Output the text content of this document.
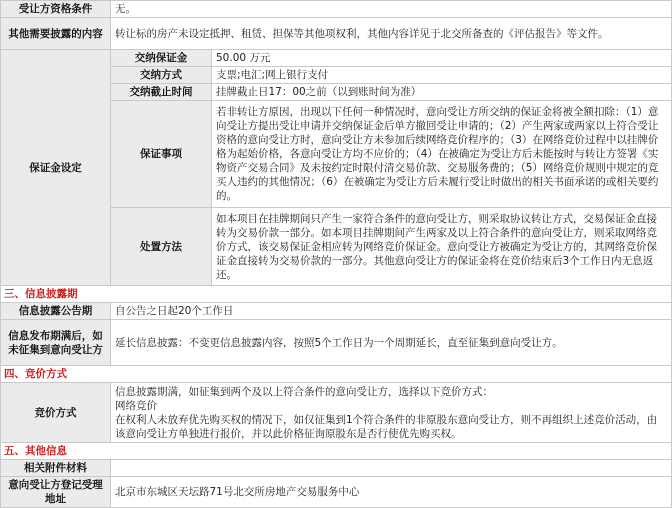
受让方资格条件	无。	
其他需要披露的内容	转让标的房产未设定抵押、租赁、担保等其他项权利，其他内容详见于北交所备查的《评估报告》等文件。	
保证金设定	交纳保证金	50.00 万元
	交纳方式	支票;电汇;网上银行支付
	交纳截止时间	挂牌截止日17：00之前（以到账时间为准）
	保证事项	若非转让方原因，出现以下任何一种情况时，意向受让方所交纳的保证金将被全额扣除：（1）意向受让方提出受让申请并交纳保证金后单方撤回受让申请的；（2）产生两家或两家以上符合受让资格的意向受让方时，意向受让方未参加后续网络竞价程序的；（3）在网络竞价过程中以挂牌价格为起始价格，各意向受让方均不应价的；（4）在被确定为受让方后未能按时与转让方签署《实物资产交易合同》及未按约定时限付清交易价款、交易服务费的；（5）网络竞价规则中规定的竞买人违约的其他情况；（6）在被确定为受让方后未履行受让时做出的相关书面承诺的或相关要约的。
	处置方法	如本项目在挂牌期间只产生一家符合条件的意向受让方，则采取协议转让方式，交易保证金直接转为交易价款一部分。如本项目挂牌期间产生两家及以上符合条件的意向受让方，则采取网络竞价方式，该交易保证金相应转为网络竞价保证金。意向受让方被确定为受让方的，其网络竞价保证金直接转为交易价款的一部分。其他意向受让方的保证金将在竞价结束后3个工作日内无息返还。
三、信息披露期		
信息披露公告期	自公告之日起20个工作日	
信息发布期满后，如未征集到意向受让方	延长信息披露：不变更信息披露内容，按照5个工作日为一个周期延长，直至征集到意向受让方。	
四、竞价方式		
竞价方式	信息披露期满，如征集到两个及以上符合条件的意向受让方，选择以下竞价方式：
网络竞价
在权利人未放弃优先购买权的情况下，如仅征集到1个符合条件的非原股东意向受让方，则不再组织上述竞价活动，由该意向受让方单独进行报价，并以此价格征询原股东是否行使优先购买权。	
五、其他信息		
相关附件材料		
意向受让方登记受理地址	北京市东城区天坛路71号北交所房地产交易服务中心	
